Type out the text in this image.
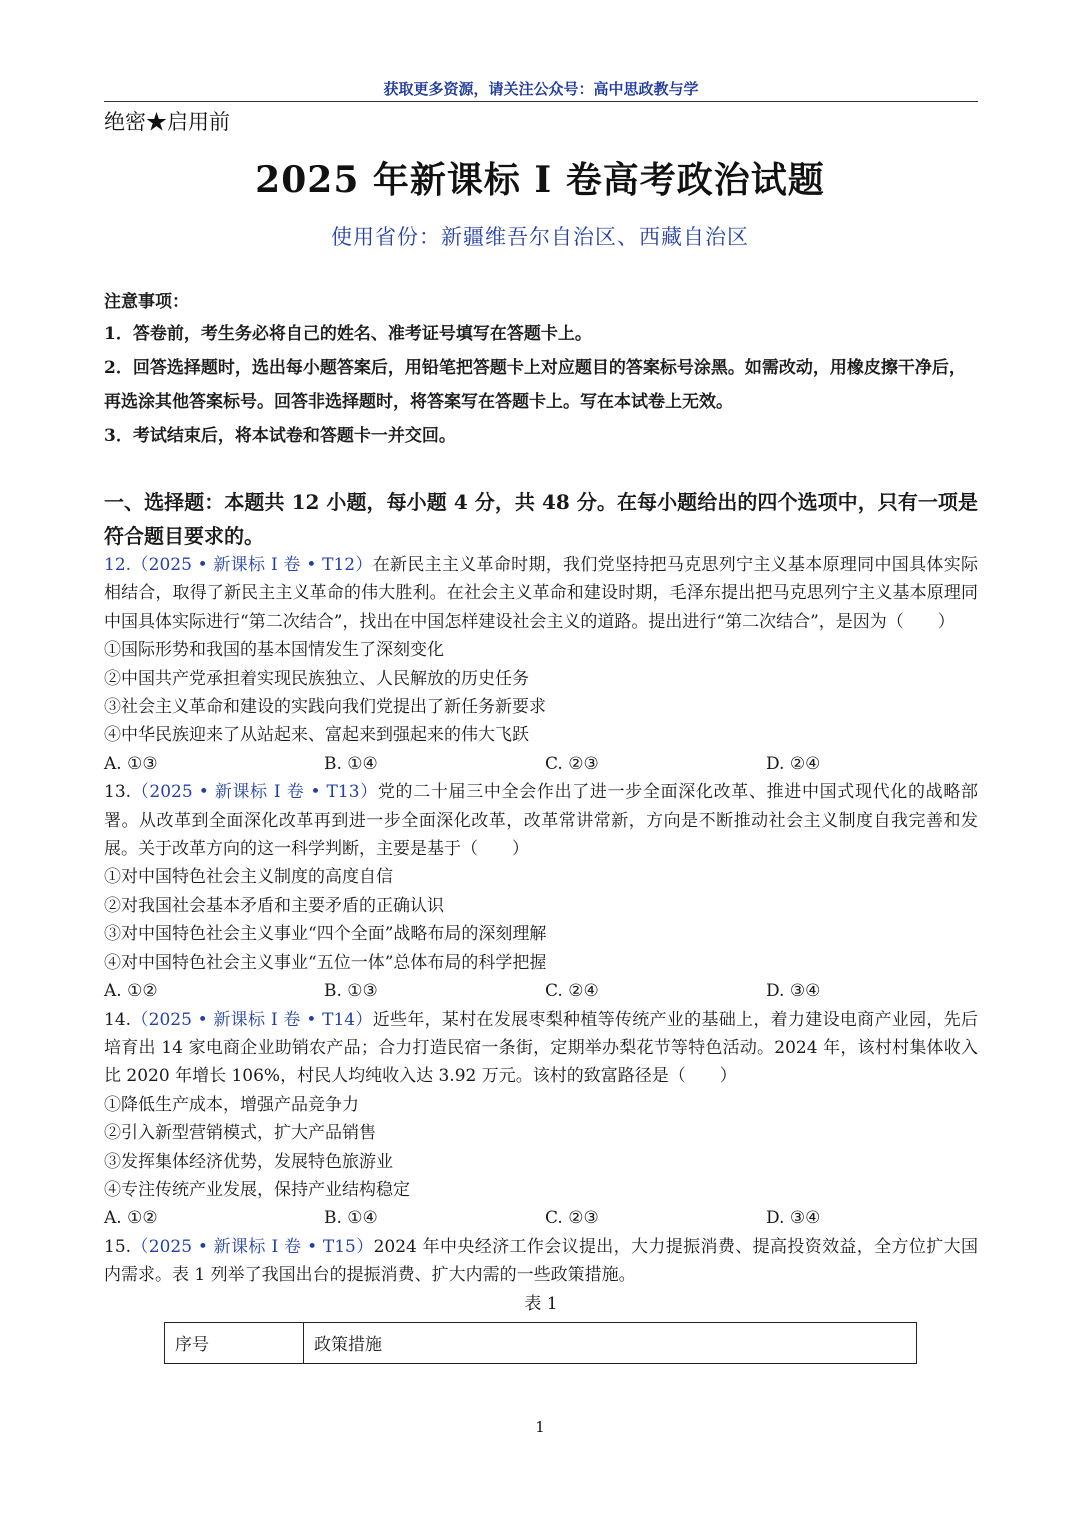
获取更多资源，请关注公众号：高中思政教与学
绝密★启用前
2025 年新课标 I 卷高考政治试题
使用省份：新疆维吾尔自治区、西藏自治区
注意事项：
1．答卷前，考生务必将自己的姓名、准考证号填写在答题卡上。
2．回答选择题时，选出每小题答案后，用铅笔把答题卡上对应题目的答案标号涂黑。如需改动，用橡皮擦干净后，再选涂其他答案标号。回答非选择题时，将答案写在答题卡上。写在本试卷上无效。
3．考试结束后，将本试卷和答题卡一并交回。
一、选择题：本题共 12 小题，每小题 4 分，共 48 分。在每小题给出的四个选项中，只有一项是符合题目要求的。
12.（2025 • 新课标 I 卷 • T12）在新民主主义革命时期，我们党坚持把马克思列宁主义基本原理同中国具体实际相结合，取得了新民主主义革命的伟大胜利。在社会主义革命和建设时期，毛泽东提出把马克思列宁主义基本原理同中国具体实际进行“第二次结合”，找出在中国怎样建设社会主义的道路。提出进行“第二次结合”，是因为（　　）
①国际形势和我国的基本国情发生了深刻变化
②中国共产党承担着实现民族独立、人民解放的历史任务
③社会主义革命和建设的实践向我们党提出了新任务新要求
④中华民族迎来了从站起来、富起来到强起来的伟大飞跃
A. ①③	B. ①④	C. ②③	D. ②④
13.（2025 • 新课标 I 卷 • T13）党的二十届三中全会作出了进一步全面深化改革、推进中国式现代化的战略部署。从改革到全面深化改革再到进一步全面深化改革，改革常讲常新，方向是不断推动社会主义制度自我完善和发展。关于改革方向的这一科学判断，主要是基于（　　）
①对中国特色社会主义制度的高度自信
②对我国社会基本矛盾和主要矛盾的正确认识
③对中国特色社会主义事业“四个全面”战略布局的深刻理解
④对中国特色社会主义事业“五位一体”总体布局的科学把握
A. ①②	B. ①③	C. ②④	D. ③④
14.（2025 • 新课标 I 卷 • T14）近些年，某村在发展枣梨种植等传统产业的基础上，着力建设电商产业园，先后培育出 14 家电商企业助销农产品；合力打造民宿一条街，定期举办梨花节等特色活动。2024 年，该村村集体收入比 2020 年增长 106%，村民人均纯收入达 3.92 万元。该村的致富路径是（　　）
①降低生产成本，增强产品竞争力
②引入新型营销模式，扩大产品销售
③发挥集体经济优势，发展特色旅游业
④专注传统产业发展，保持产业结构稳定
A. ①②	B. ①④	C. ②③	D. ③④
15.（2025 • 新课标 I 卷 • T15）2024 年中央经济工作会议提出，大力提振消费、提高投资效益，全方位扩大国内需求。表 1 列举了我国出台的提振消费、扩大内需的一些政策措施。
表 1
序号	政策措施
1
